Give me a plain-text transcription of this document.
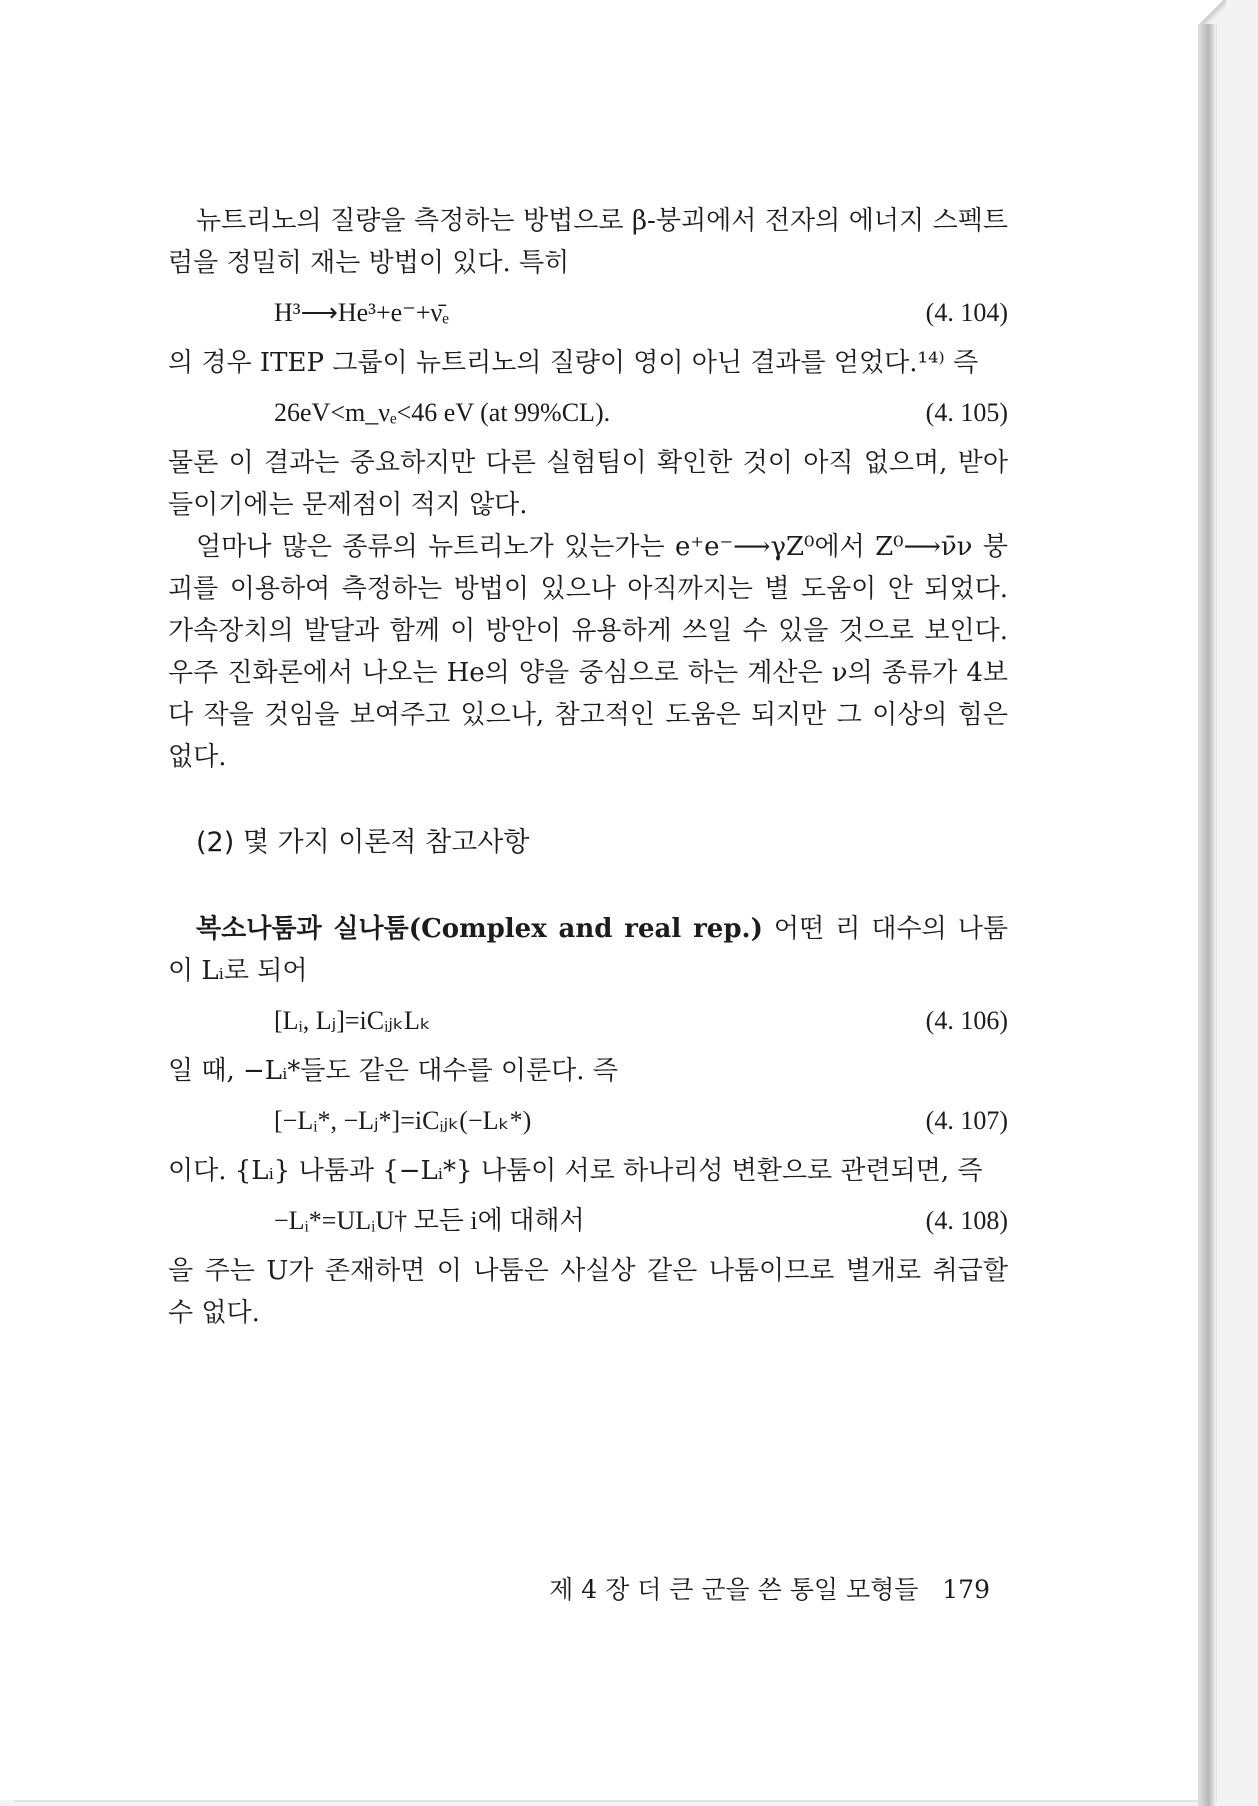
뉴트리노의 질량을 측정하는 방법으로 β-붕괴에서 전자의 에너지 스펙트럼을 정밀히 재는 방법이 있다. 특히

H³⟶He³+e⁻+ν̄ₑ	(4. 104)

의 경우 ITEP 그룹이 뉴트리노의 질량이 영이 아닌 결과를 얻었다.¹⁴⁾ 즉

26eV<m_νₑ<46 eV (at 99%CL).	(4. 105)

물론 이 결과는 중요하지만 다른 실험팀이 확인한 것이 아직 없으며, 받아들이기에는 문제점이 적지 않다.

얼마나 많은 종류의 뉴트리노가 있는가는 e⁺e⁻⟶γZ⁰에서 Z⁰⟶ν̄ν 붕괴를 이용하여 측정하는 방법이 있으나 아직까지는 별 도움이 안 되었다. 가속장치의 발달과 함께 이 방안이 유용하게 쓰일 수 있을 것으로 보인다. 우주 진화론에서 나오는 He의 양을 중심으로 하는 계산은 ν의 종류가 4보다 작을 것임을 보여주고 있으나, 참고적인 도움은 되지만 그 이상의 힘은 없다.

(2) 몇 가지 이론적 참고사항

복소나툼과 실나툼(Complex and real rep.) 어떤 리 대수의 나툼이 Lᵢ로 되어

[Lᵢ, Lⱼ]=iCᵢⱼₖLₖ	(4. 106)

일 때, −Lᵢ*들도 같은 대수를 이룬다. 즉

[−Lᵢ*, −Lⱼ*]=iCᵢⱼₖ(−Lₖ*)	(4. 107)

이다. {Lᵢ} 나툼과 {−Lᵢ*} 나툼이 서로 하나리성 변환으로 관련되면, 즉

−Lᵢ*=ULᵢU† 모든 i에 대해서	(4. 108)

을 주는 U가 존재하면 이 나툼은 사실상 같은 나툼이므로 별개로 취급할 수 없다.

제 4 장 더 큰 군을 쓴 통일 모형들 179
